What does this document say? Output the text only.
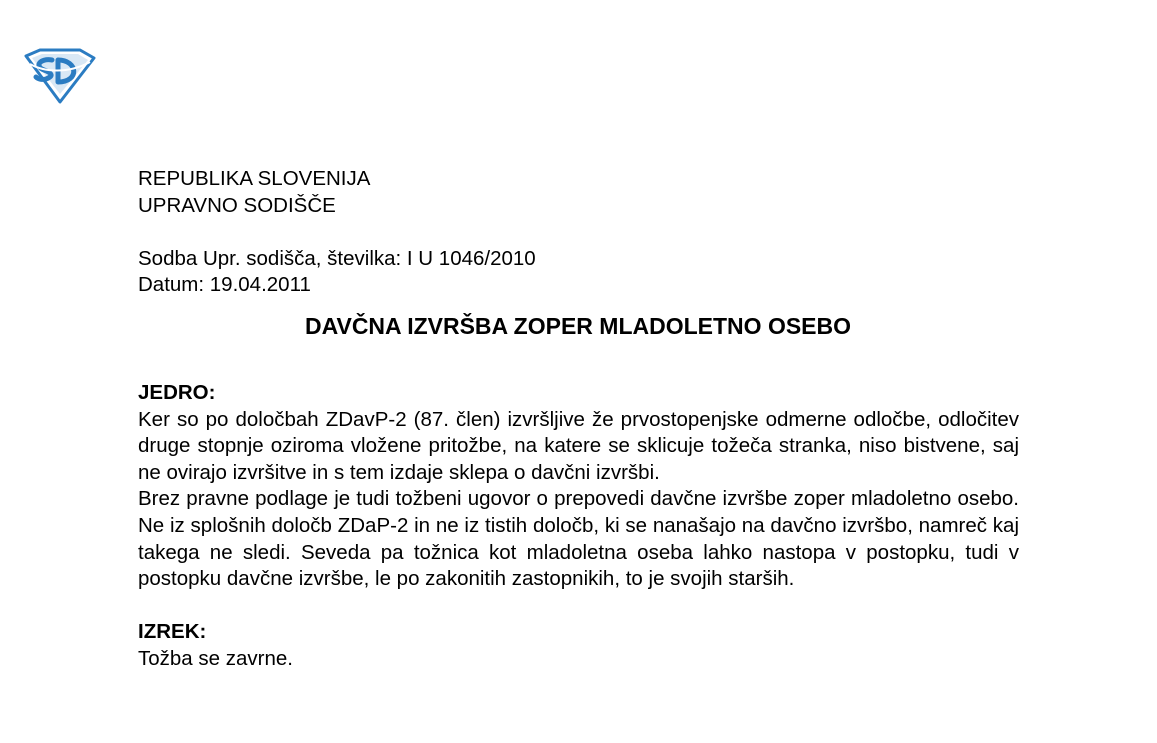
REPUBLIKA SLOVENIJA

UPRAVNO SODIŠČE

Sodba Upr. sodišča, številka: I U 1046/2010

Datum: 19.04.2011

DAVČNA IZVRŠBA ZOPER MLADOLETNO OSEBO

JEDRO:

Ker so po določbah ZDavP-2 (87. člen) izvršljive že prvostopenjske odmerne odločbe, odločitev druge stopnje oziroma vložene pritožbe, na katere se sklicuje tožeča stranka, niso bistvene, saj ne ovirajo izvršitve in s tem izdaje sklepa o davčni izvršbi.

Brez pravne podlage je tudi tožbeni ugovor o prepovedi davčne izvršbe zoper mladoletno osebo. Ne iz splošnih določb ZDaP-2 in ne iz tistih določb, ki se nanašajo na davčno izvršbo, namreč kaj takega ne sledi. Seveda pa tožnica kot mladoletna oseba lahko nastopa v postopku, tudi v postopku davčne izvršbe, le po zakonitih zastopnikih, to je svojih starših.

IZREK:

Tožba se zavrne.
